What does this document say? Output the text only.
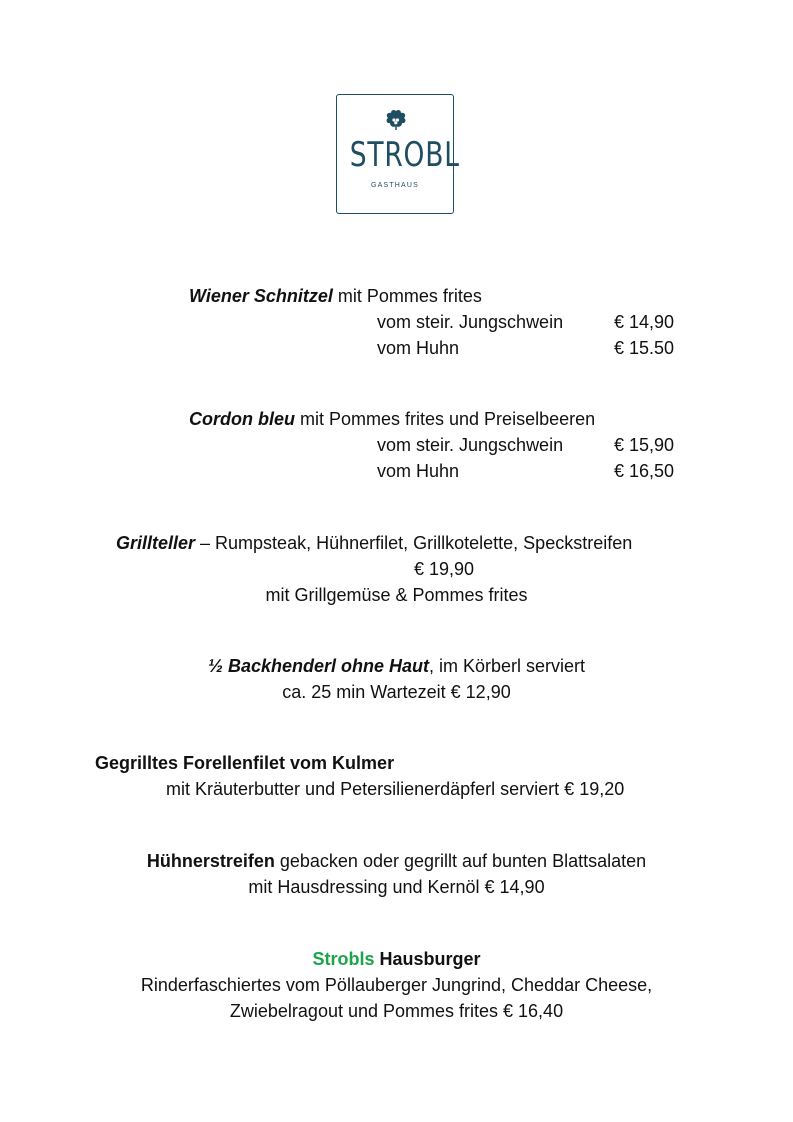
STROBL
GASTHAUS
Wiener Schnitzel mit Pommes frites
vom steir. Jungschwein	€ 14,90
vom Huhn	€ 15.50
Cordon bleu mit Pommes frites und Preiselbeeren
vom steir. Jungschwein	€ 15,90
vom Huhn	€ 16,50
Grillteller – Rumpsteak, Hühnerfilet, Grillkotelette, Speckstreifen
€ 19,90
mit Grillgemüse & Pommes frites
½ Backhenderl ohne Haut, im Körberl serviert
ca. 25 min Wartezeit € 12,90
Gegrilltes Forellenfilet vom Kulmer
mit Kräuterbutter und Petersilienerdäpferl serviert € 19,20
Hühnerstreifen gebacken oder gegrillt auf bunten Blattsalaten
mit Hausdressing und Kernöl € 14,90
Strobls Hausburger
Rinderfaschiertes vom Pöllauberger Jungrind, Cheddar Cheese,
Zwiebelragout und Pommes frites € 16,40
